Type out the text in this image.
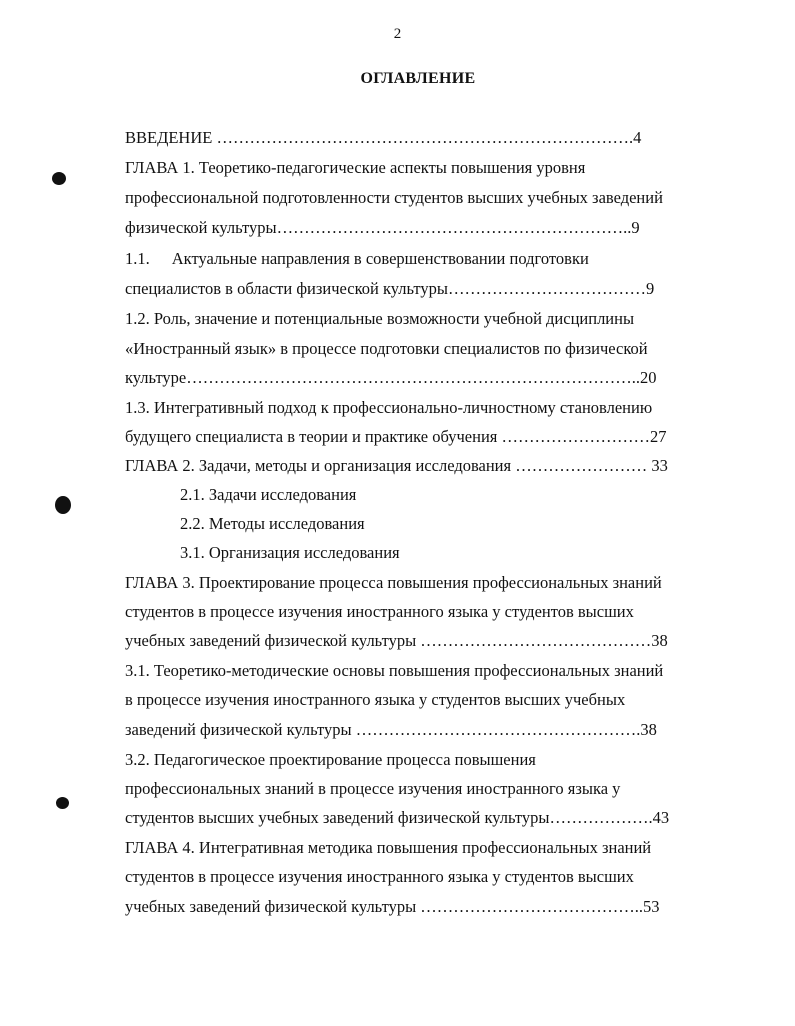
2
ОГЛАВЛЕНИЕ
ВВЕДЕНИЕ ………………………………………………………………….4
ГЛАВА 1. Теоретико-педагогические аспекты повышения уровня
профессиональной подготовленности студентов высших учебных заведений
физической культуры………………………………………………………..9
1.1. Актуальные направления в совершенствовании подготовки
специалистов в области физической культуры………………………………9
1.2. Роль, значение и потенциальные возможности учебной дисциплины
«Иностранный язык» в процессе подготовки специалистов по физической
культуре………………………………………………………………………..20
1.3. Интегративный подход к профессионально-личностному становлению
будущего специалиста в теории и практике обучения ………………………27
ГЛАВА 2. Задачи, методы и организация исследования …………………… 33
2.1. Задачи исследования
2.2. Методы исследования
3.1. Организация исследования
ГЛАВА 3. Проектирование процесса повышения профессиональных знаний
студентов в процессе изучения иностранного языка у студентов высших
учебных заведений физической культуры ……………………………………38
3.1. Теоретико-методические основы повышения профессиональных знаний
в процессе изучения иностранного языка у студентов высших учебных
заведений физической культуры …………………………………………….38
3.2. Педагогическое проектирование процесса повышения
профессиональных знаний в процессе изучения иностранного языка у
студентов высших учебных заведений физической культуры……………….43
ГЛАВА 4. Интегративная методика повышения профессиональных знаний
студентов в процессе изучения иностранного языка у студентов высших
учебных заведений физической культуры …………………………………..53
